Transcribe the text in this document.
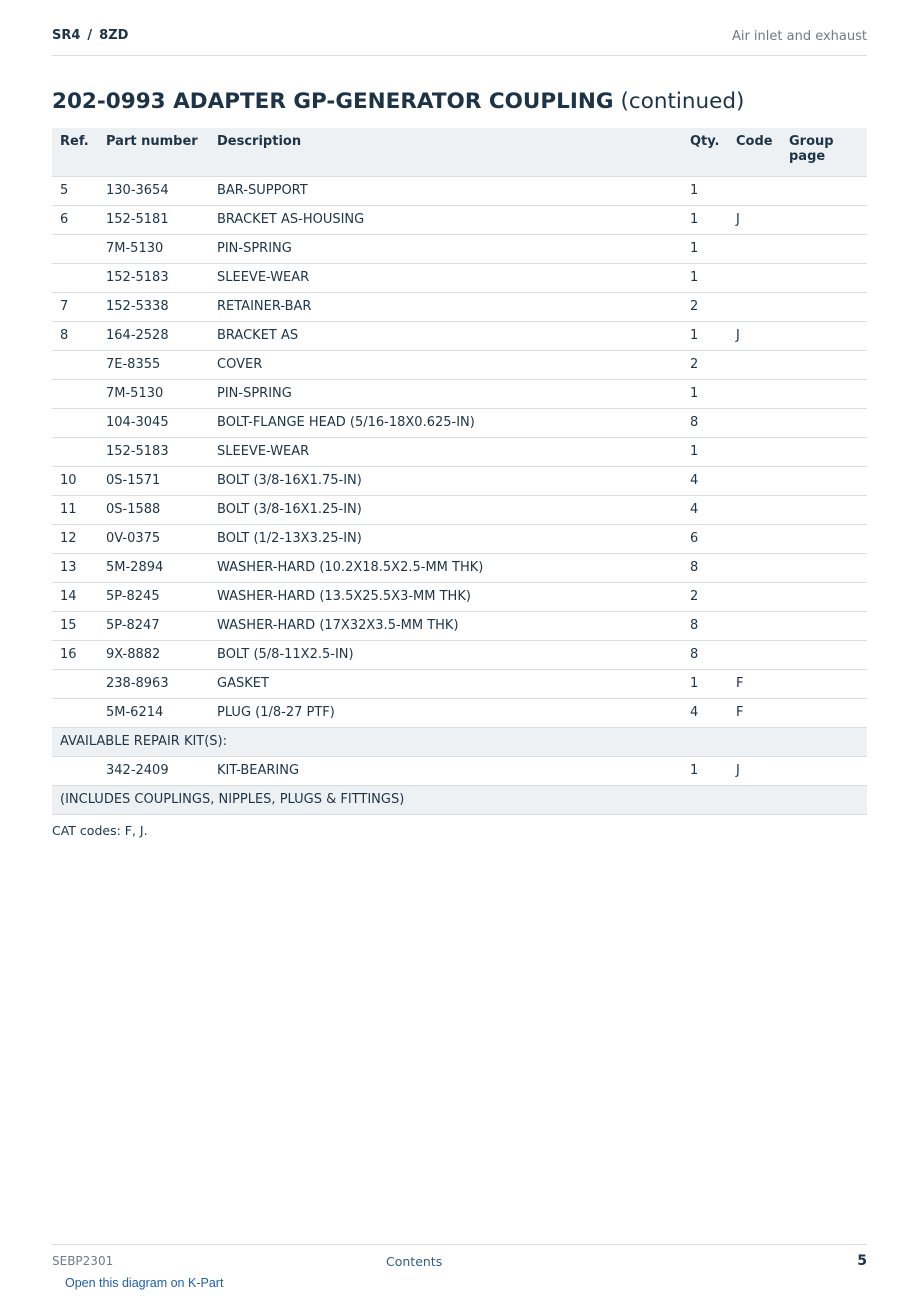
SR4 / 8ZD	Air inlet and exhaust
202-0993 ADAPTER GP-GENERATOR COUPLING (continued)
Ref.	Part number	Description	Qty.	Code	Group page
5	130-3654	BAR-SUPPORT	1		
6	152-5181	BRACKET AS-HOUSING	1	J	
	7M-5130	PIN-SPRING	1		
	152-5183	SLEEVE-WEAR	1		
7	152-5338	RETAINER-BAR	2		
8	164-2528	BRACKET AS	1	J	
	7E-8355	COVER	2		
	7M-5130	PIN-SPRING	1		
	104-3045	BOLT-FLANGE HEAD (5/16-18X0.625-IN)	8		
	152-5183	SLEEVE-WEAR	1		
10	0S-1571	BOLT (3/8-16X1.75-IN)	4		
11	0S-1588	BOLT (3/8-16X1.25-IN)	4		
12	0V-0375	BOLT (1/2-13X3.25-IN)	6		
13	5M-2894	WASHER-HARD (10.2X18.5X2.5-MM THK)	8		
14	5P-8245	WASHER-HARD (13.5X25.5X3-MM THK)	2		
15	5P-8247	WASHER-HARD (17X32X3.5-MM THK)	8		
16	9X-8882	BOLT (5/8-11X2.5-IN)	8		
	238-8963	GASKET	1	F	
	5M-6214	PLUG (1/8-27 PTF)	4	F	
AVAILABLE REPAIR KIT(S):					
	342-2409	KIT-BEARING	1	J	
(INCLUDES COUPLINGS, NIPPLES, PLUGS & FITTINGS)					
CAT codes: F, J.
SEBP2301	Contents	5
Open this diagram on K-Part
